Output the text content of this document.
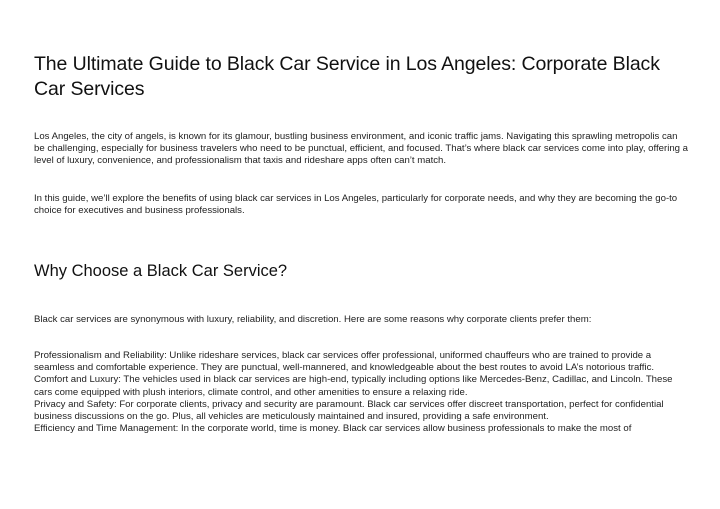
The Ultimate Guide to Black Car Service in Los Angeles: Corporate Black Car Services

Los Angeles, the city of angels, is known for its glamour, bustling business environment, and iconic traffic jams. Navigating this sprawling metropolis can be challenging, especially for business travelers who need to be punctual, efficient, and focused. That’s where black car services come into play, offering a level of luxury, convenience, and professionalism that taxis and rideshare apps often can’t match.

In this guide, we’ll explore the benefits of using black car services in Los Angeles, particularly for corporate needs, and why they are becoming the go-to choice for executives and business professionals.

Why Choose a Black Car Service?

Black car services are synonymous with luxury, reliability, and discretion. Here are some reasons why corporate clients prefer them:

Professionalism and Reliability: Unlike rideshare services, black car services offer professional, uniformed chauffeurs who are trained to provide a seamless and comfortable experience. They are punctual, well-mannered, and knowledgeable about the best routes to avoid LA’s notorious traffic.

Comfort and Luxury: The vehicles used in black car services are high-end, typically including options like Mercedes-Benz, Cadillac, and Lincoln. These cars come equipped with plush interiors, climate control, and other amenities to ensure a relaxing ride.

Privacy and Safety: For corporate clients, privacy and security are paramount. Black car services offer discreet transportation, perfect for confidential business discussions on the go. Plus, all vehicles are meticulously maintained and insured, providing a safe environment.

Efficiency and Time Management: In the corporate world, time is money. Black car services allow business professionals to make the most of
